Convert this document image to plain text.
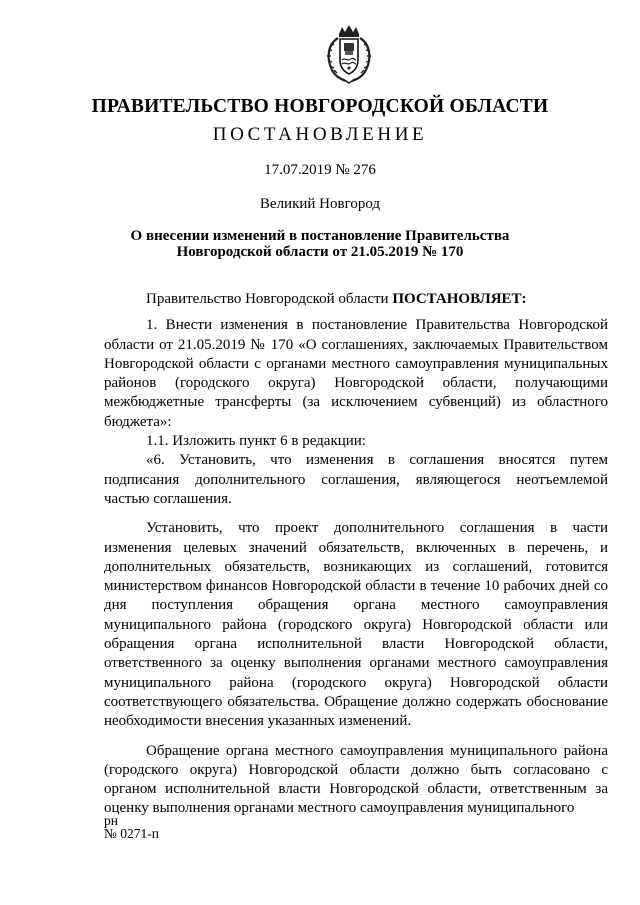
ПРАВИТЕЛЬСТВО НОВГОРОДСКОЙ ОБЛАСТИ
ПОСТАНОВЛЕНИЕ
17.07.2019 № 276
Великий Новгород
О внесении изменений в постановление Правительства
Новгородской области от 21.05.2019 № 170

Правительство Новгородской области ПОСТАНОВЛЯЕТ:

1. Внести изменения в постановление Правительства Новгородской области от 21.05.2019 № 170 «О соглашениях, заключаемых Правительством Новгородской области с органами местного самоуправления муниципальных районов (городского округа) Новгородской области, получающими межбюджетные трансферты (за исключением субвенций) из областного бюджета»:

1.1. Изложить пункт 6 в редакции:

«6. Установить, что изменения в соглашения вносятся путем подписания дополнительного соглашения, являющегося неотъемлемой частью соглашения.

Установить, что проект дополнительного соглашения в части изменения целевых значений обязательств, включенных в перечень, и дополнительных обязательств, возникающих из соглашений, готовится министерством финансов Новгородской области в течение 10 рабочих дней со дня поступления обращения органа местного самоуправления муниципального района (городского округа) Новгородской области или обращения органа исполнительной власти Новгородской области, ответственного за оценку выполнения органами местного самоуправления муниципального района (городского округа) Новгородской области соответствующего обязательства. Обращение должно содержать обоснование необходимости внесения указанных изменений.

Обращение органа местного самоуправления муниципального района (городского округа) Новгородской области должно быть согласовано с органом исполнительной власти Новгородской области, ответственным за оценку выполнения органами местного самоуправления муниципального

рн
№ 0271-п
